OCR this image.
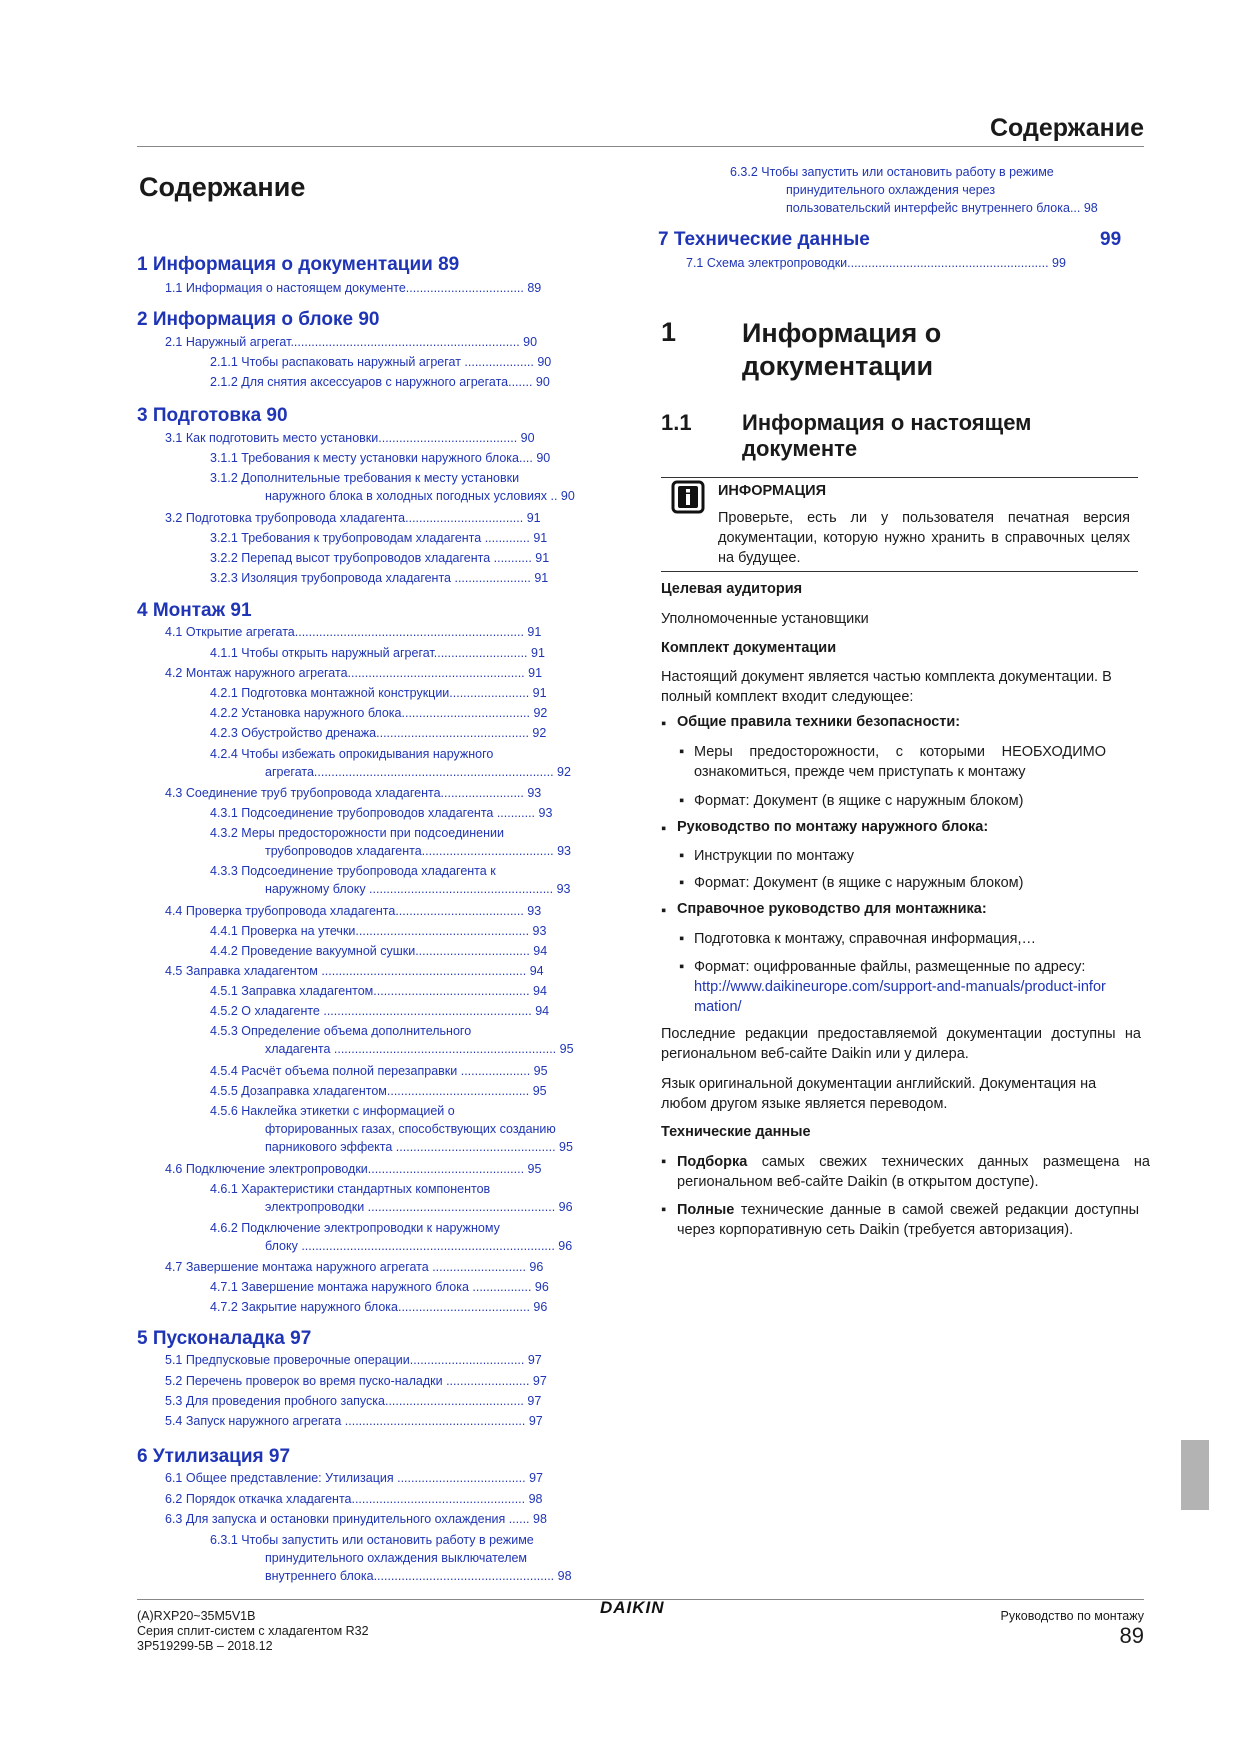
Содержание
Содержание
1 Информация о документации 89
2 Информация о блоке 90
3 Подготовка 90
4 Монтаж 91
5 Пусконаладка 97
6 Утилизация 97
1.1 Информация о настоящем документе.................................. 89
2.1 Наружный агрегат.................................................................. 90
2.1.1 Чтобы распаковать наружный агрегат .................... 90
2.1.2 Для снятия аксессуаров с наружного агрегата....... 90
3.1 Как подготовить место установки........................................ 90
3.1.1 Требования к месту установки наружного блока.... 90
3.1.2 Дополнительные требования к месту установки
наружного блока в холодных погодных условиях .. 90
3.2 Подготовка трубопровода хладагента.................................. 91
3.2.1 Требования к трубопроводам хладагента ............. 91
3.2.2 Перепад высот трубопроводов хладагента ........... 91
3.2.3 Изоляция трубопровода хладагента ...................... 91
4.1 Открытие агрегата.................................................................. 91
4.1.1 Чтобы открыть наружный агрегат........................... 91
4.2 Монтаж наружного агрегата................................................... 91
4.2.1 Подготовка монтажной конструкции....................... 91
4.2.2 Установка наружного блока..................................... 92
4.2.3 Обустройство дренажа............................................ 92
4.2.4 Чтобы избежать опрокидывания наружного
агрегата..................................................................... 92
4.3 Соединение труб трубопровода хладагента........................ 93
4.3.1 Подсоединение трубопроводов хладагента ........... 93
4.3.2 Меры предосторожности при подсоединении
трубопроводов хладагента...................................... 93
4.3.3 Подсоединение трубопровода хладагента к
наружному блоку ..................................................... 93
4.4 Проверка трубопровода хладагента..................................... 93
4.4.1 Проверка на утечки.................................................. 93
4.4.2 Проведение вакуумной сушки................................. 94
4.5 Заправка хладагентом ........................................................... 94
4.5.1 Заправка хладагентом............................................. 94
4.5.2 О хладагенте ............................................................ 94
4.5.3 Определение объема дополнительного
хладагента ................................................................ 95
4.5.4 Расчёт объема полной перезаправки .................... 95
4.5.5 Дозаправка хладагентом......................................... 95
4.5.6 Наклейка этикетки с информацией о
фторированных газах, способствующих созданию
парникового эффекта .............................................. 95
4.6 Подключение электропроводки............................................. 95
4.6.1 Характеристики стандартных компонентов
электропроводки ...................................................... 96
4.6.2 Подключение электропроводки к наружному
блоку ......................................................................... 96
4.7 Завершение монтажа наружного агрегата ........................... 96
4.7.1 Завершение монтажа наружного блока ................. 96
4.7.2 Закрытие наружного блока...................................... 96
5.1 Предпусковые проверочные операции................................. 97
5.2 Перечень проверок во время пуско-наладки ........................ 97
5.3 Для проведения пробного запуска........................................ 97
5.4 Запуск наружного агрегата .................................................... 97
6.1 Общее представление: Утилизация ..................................... 97
6.2 Порядок откачка хладагента.................................................. 98
6.3 Для запуска и остановки принудительного охлаждения ...... 98
6.3.1 Чтобы запустить или остановить работу в режиме
принудительного охлаждения выключателем
внутреннего блока.................................................... 98
6.3.2 Чтобы запустить или остановить работу в режиме
принудительного охлаждения через
пользовательский интерфейс внутреннего блока... 98
7 Технические данные	99
7.1 Схема электропроводки.......................................................... 99
1 Информация о документации
1.1 Информация о настоящем документе
ИНФОРМАЦИЯ
Проверьте, есть ли у пользователя печатная версия документации, которую нужно хранить в справочных целях на будущее.
Целевая аудитория
Уполномоченные установщики
Комплект документации
Настоящий документ является частью комплекта документации. В полный комплект входит следующее:
▪ Общие правила техники безопасности:
▪ Меры предосторожности, с которыми НЕОБХОДИМО ознакомиться, прежде чем приступать к монтажу
▪ Формат: Документ (в ящике с наружным блоком)
▪ Руководство по монтажу наружного блока:
▪ Инструкции по монтажу
▪ Формат: Документ (в ящике с наружным блоком)
▪ Справочное руководство для монтажника:
▪ Подготовка к монтажу, справочная информация,…
▪ Формат: оцифрованные файлы, размещенные по адресу:
http://www.daikineurope.com/support-and-manuals/product-information/
Последние редакции предоставляемой документации доступны на региональном веб-сайте Daikin или у дилера.
Язык оригинальной документации английский. Документация на любом другом языке является переводом.
Технические данные
▪ Подборка самых свежих технических данных размещена на региональном веб-сайте Daikin (в открытом доступе).
▪ Полные технические данные в самой свежей редакции доступны через корпоративную сеть Daikin (требуется авторизация).
(A)RXP20~35M5V1B
Серия сплит-систем с хладагентом R32
3P519299-5B – 2018.12
DAIKIN	Руководство по монтажу
89
